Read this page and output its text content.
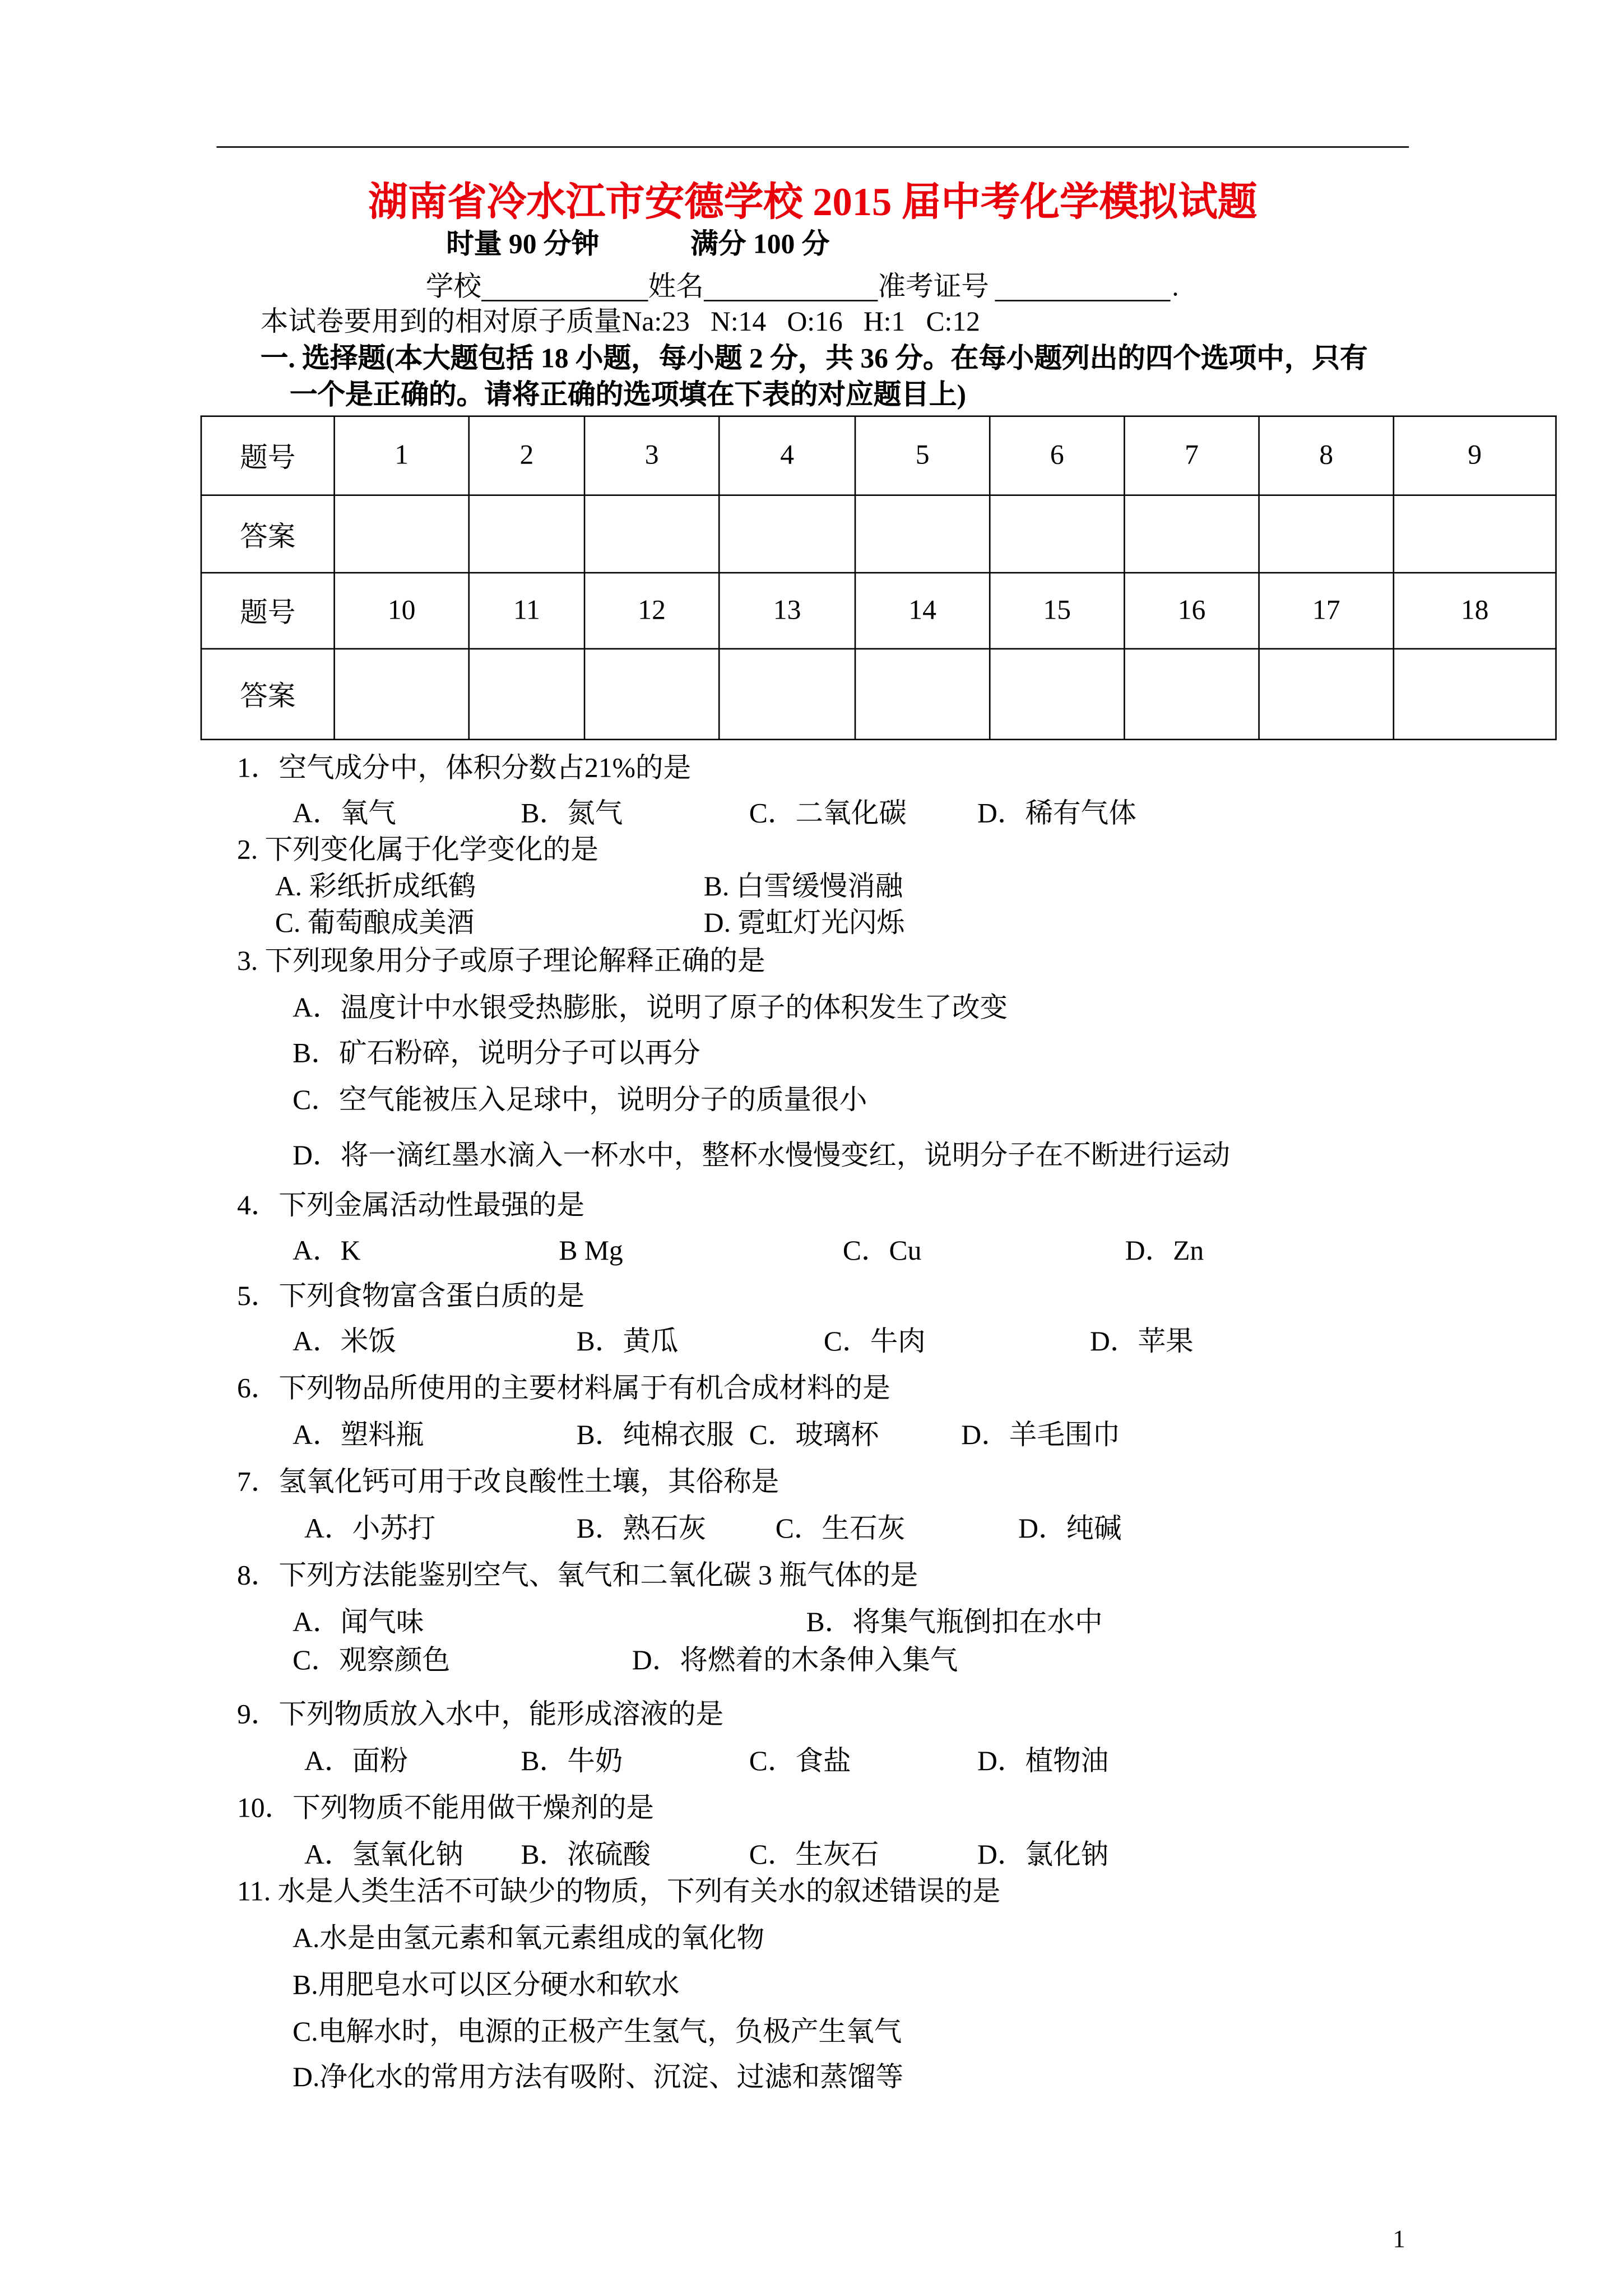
湖南省冷水江市安德学校 2015 届中考化学模拟试题
时量 90 分钟	满分 100 分
学校	姓名	准考证号	.
本试卷要用到的相对原子质量Na:23   N:14   O:16   H:1   C:12
一. 选择题(本大题包括 18 小题，每小题 2 分，共 36 分。在每小题列出的四个选项中，只有
一个是正确的。请将正确的选项填在下表的对应题目上)
题号	1	2	3	4	5	6	7	8	9
答案									
题号	10	11	12	13	14	15	16	17	18
答案									
1．空气成分中，体积分数占21%的是
A．氧气	B．氮气	C．二氧化碳	D．稀有气体
2. 下列变化属于化学变化的是
A. 彩纸折成纸鹤	B. 白雪缓慢消融
C. 葡萄酿成美酒	D. 霓虹灯光闪烁
3. 下列现象用分子或原子理论解释正确的是
A．温度计中水银受热膨胀，说明了原子的体积发生了改变
B．矿石粉碎，说明分子可以再分
C．空气能被压入足球中，说明分子的质量很小
D．将一滴红墨水滴入一杯水中，整杯水慢慢变红，说明分子在不断进行运动
4．下列金属活动性最强的是
A．K	B Mg	C．Cu	D．Zn
5．下列食物富含蛋白质的是
A．米饭	B．黄瓜	C．牛肉	D．苹果
6．下列物品所使用的主要材料属于有机合成材料的是
A．塑料瓶	B．纯棉衣服 C．玻璃杯	D．羊毛围巾
7．氢氧化钙可用于改良酸性土壤，其俗称是
A．小苏打	B．熟石灰	C．生石灰	D．纯碱
8．下列方法能鉴别空气、氧气和二氧化碳 3 瓶气体的是
A．闻气味	B．将集气瓶倒扣在水中
C．观察颜色	D．将燃着的木条伸入集气
9．下列物质放入水中，能形成溶液的是
A．面粉	B．牛奶	C．食盐	D．植物油
10．下列物质不能用做干燥剂的是
A．氢氧化钠	B．浓硫酸	C．生灰石	D．氯化钠
11. 水是人类生活不可缺少的物质，下列有关水的叙述错误的是
A.水是由氢元素和氧元素组成的氧化物
B.用肥皂水可以区分硬水和软水
C.电解水时，电源的正极产生氢气，负极产生氧气
D.净化水的常用方法有吸附、沉淀、过滤和蒸馏等
1
